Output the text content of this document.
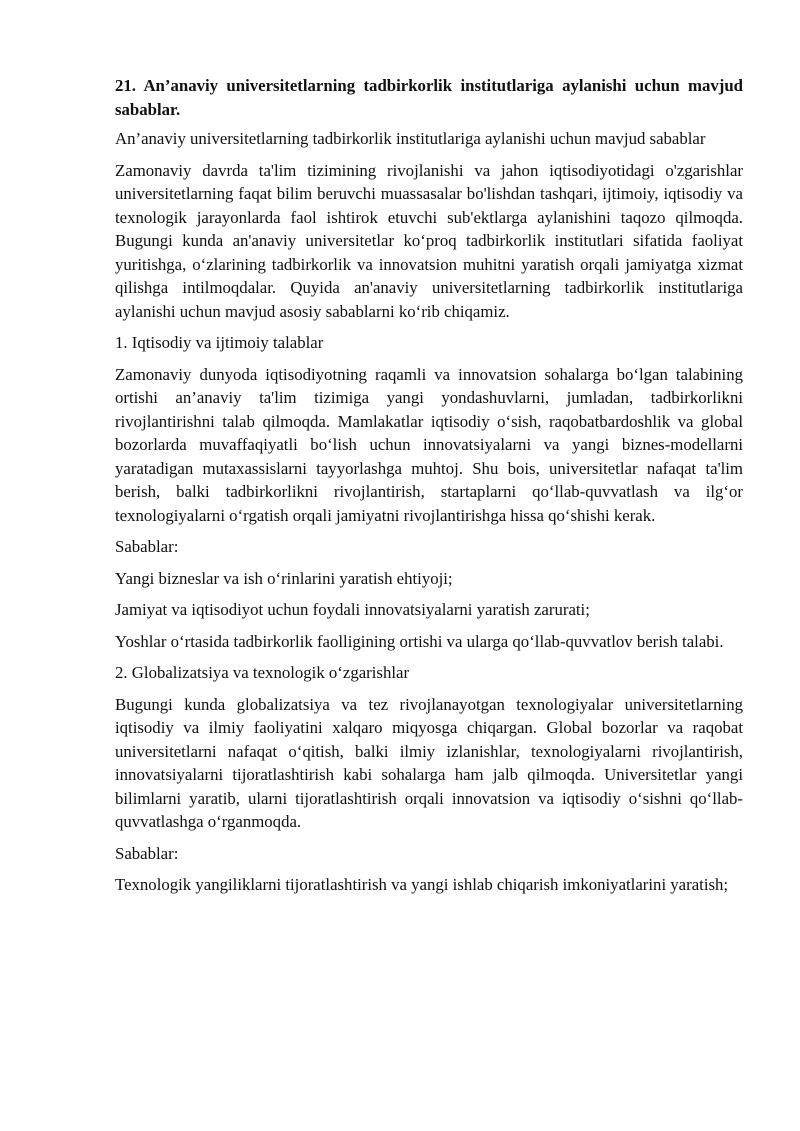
21. An’anaviy universitetlarning tadbirkorlik institutlariga aylanishi uchun mavjud sabablar.

An’anaviy universitetlarning tadbirkorlik institutlariga aylanishi uchun mavjud sabablar

Zamonaviy davrda ta'lim tizimining rivojlanishi va jahon iqtisodiyotidagi o'zgarishlar universitetlarning faqat bilim beruvchi muassasalar bo'lishdan tashqari, ijtimoiy, iqtisodiy va texnologik jarayonlarda faol ishtirok etuvchi sub'ektlarga aylanishini taqozo qilmoqda. Bugungi kunda an'anaviy universitetlar ko‘proq tadbirkorlik institutlari sifatida faoliyat yuritishga, o‘zlarining tadbirkorlik va innovatsion muhitni yaratish orqali jamiyatga xizmat qilishga intilmoqdalar. Quyida an'anaviy universitetlarning tadbirkorlik institutlariga aylanishi uchun mavjud asosiy sabablarni ko‘rib chiqamiz.

1. Iqtisodiy va ijtimoiy talablar

Zamonaviy dunyoda iqtisodiyotning raqamli va innovatsion sohalarga bo‘lgan talabining ortishi an’anaviy ta'lim tizimiga yangi yondashuvlarni, jumladan, tadbirkorlikni rivojlantirishni talab qilmoqda. Mamlakatlar iqtisodiy o‘sish, raqobatbardoshlik va global bozorlarda muvaffaqiyatli bo‘lish uchun innovatsiyalarni va yangi biznes-modellarni yaratadigan mutaxassislarni tayyorlashga muhtoj. Shu bois, universitetlar nafaqat ta'lim berish, balki tadbirkorlikni rivojlantirish, startaplarni qo‘llab-quvvatlash va ilg‘or texnologiyalarni o‘rgatish orqali jamiyatni rivojlantirishga hissa qo‘shishi kerak.

Sabablar:

Yangi bizneslar va ish o‘rinlarini yaratish ehtiyoji;

Jamiyat va iqtisodiyot uchun foydali innovatsiyalarni yaratish zarurati;

Yoshlar o‘rtasida tadbirkorlik faolligining ortishi va ularga qo‘llab-quvvatlov berish talabi.

2. Globalizatsiya va texnologik o‘zgarishlar

Bugungi kunda globalizatsiya va tez rivojlanayotgan texnologiyalar universitetlarning iqtisodiy va ilmiy faoliyatini xalqaro miqyosga chiqargan. Global bozorlar va raqobat universitetlarni nafaqat o‘qitish, balki ilmiy izlanishlar, texnologiyalarni rivojlantirish, innovatsiyalarni tijoratlashtirish kabi sohalarga ham jalb qilmoqda. Universitetlar yangi bilimlarni yaratib, ularni tijoratlashtirish orqali innovatsion va iqtisodiy o‘sishni qo‘llab-quvvatlashga o‘rganmoqda.

Sabablar:

Texnologik yangiliklarni tijoratlashtirish va yangi ishlab chiqarish imkoniyatlarini yaratish;
